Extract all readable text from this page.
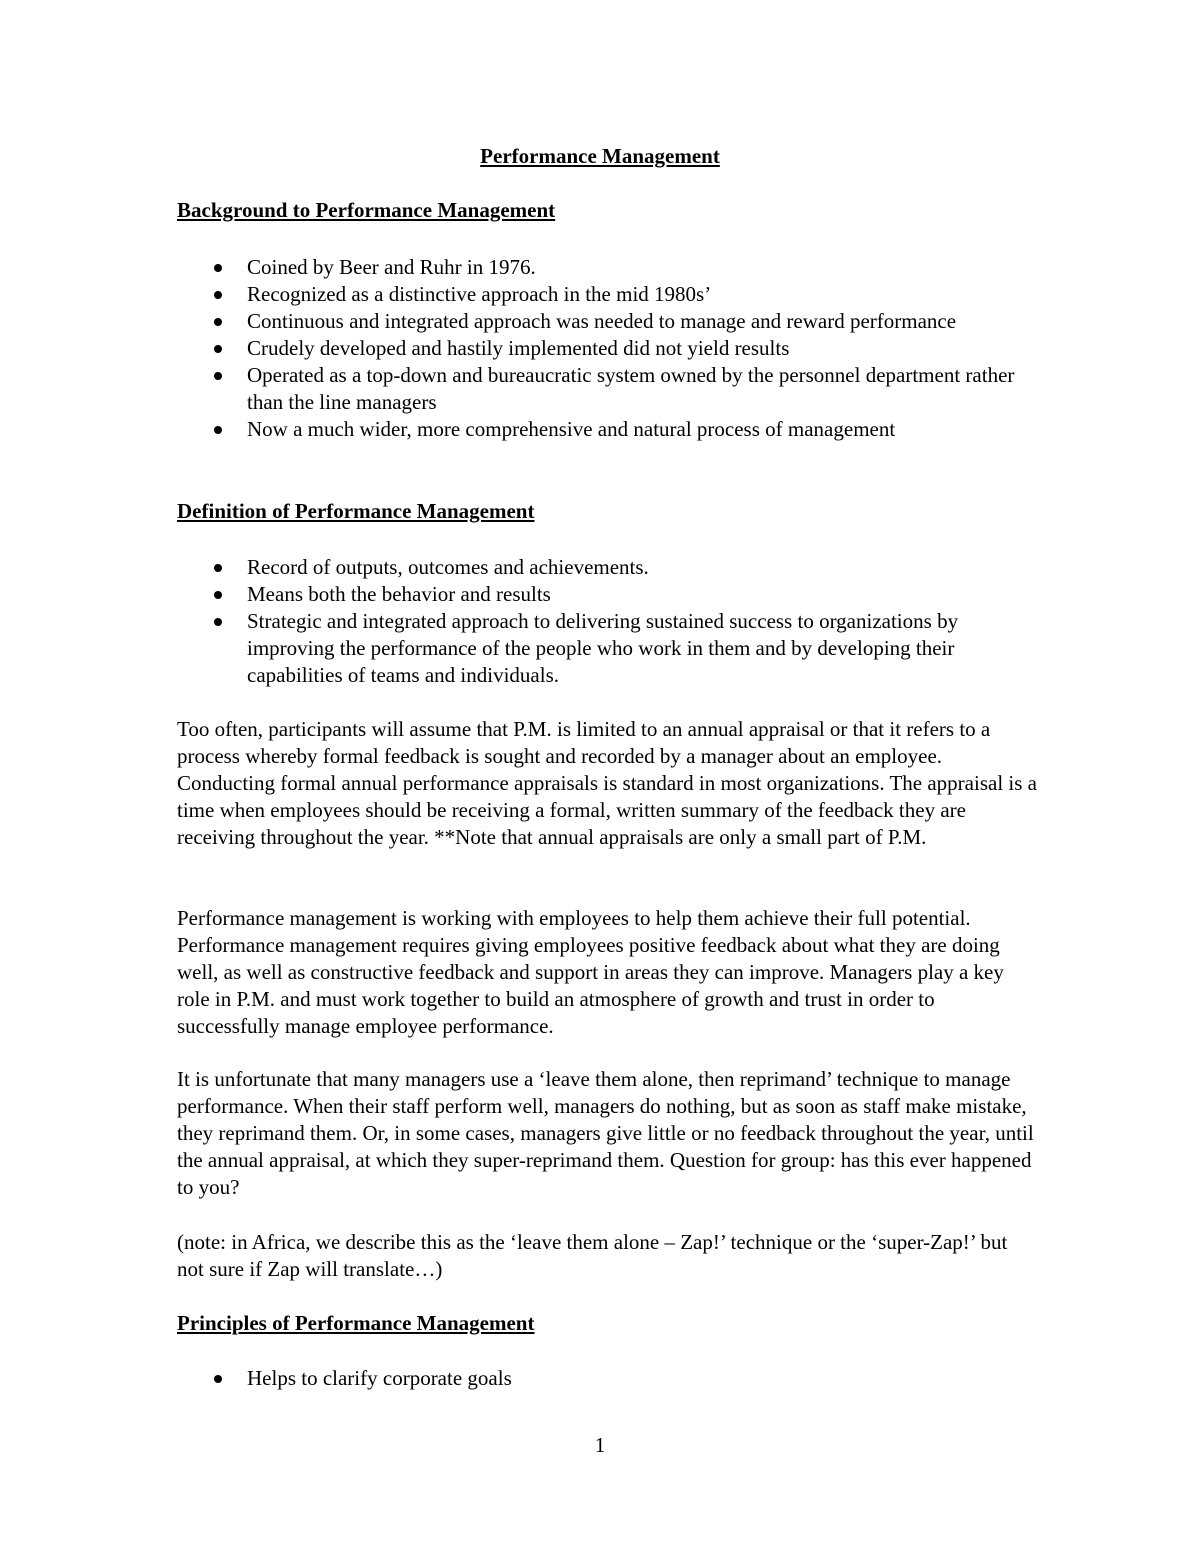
Performance Management
Background to Performance Management
Coined by Beer and Ruhr in 1976.
Recognized as a distinctive approach in the mid 1980s’
Continuous and integrated approach was needed to manage and reward performance
Crudely developed and hastily implemented did not yield results
Operated as a top-down and bureaucratic system owned by the personnel department rather than the line managers
Now a much wider, more comprehensive and natural process of management
Definition of Performance Management
Record of outputs, outcomes and achievements.
Means both the behavior and results
Strategic and integrated approach to delivering sustained success to organizations by improving the performance of the people who work in them and by developing their capabilities of teams and individuals.

Too often, participants will assume that P.M. is limited to an annual appraisal or that it refers to a process whereby formal feedback is sought and recorded by a manager about an employee. Conducting formal annual performance appraisals is standard in most organizations. The appraisal is a time when employees should be receiving a formal, written summary of the feedback they are receiving throughout the year. **Note that annual appraisals are only a small part of P.M.

Performance management is working with employees to help them achieve their full potential. Performance management requires giving employees positive feedback about what they are doing well, as well as constructive feedback and support in areas they can improve. Managers play a key role in P.M. and must work together to build an atmosphere of growth and trust in order to successfully manage employee performance.

It is unfortunate that many managers use a ‘leave them alone, then reprimand’ technique to manage performance. When their staff perform well, managers do nothing, but as soon as staff make mistake, they reprimand them. Or, in some cases, managers give little or no feedback throughout the year, until the annual appraisal, at which they super-reprimand them. Question for group: has this ever happened to you?

(note: in Africa, we describe this as the ‘leave them alone – Zap!’ technique or the ‘super-Zap!’ but not sure if Zap will translate…)

Principles of Performance Management
Helps to clarify corporate goals
1
